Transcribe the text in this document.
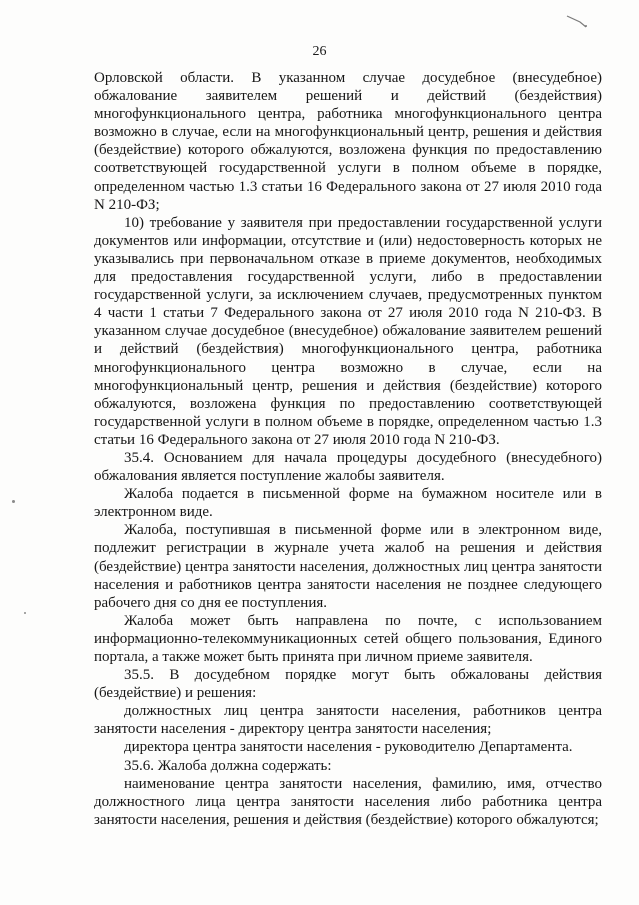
26

Орловской области. В указанном случае досудебное (внесудебное) обжалование заявителем решений и действий (бездействия) многофункционального центра, работника многофункционального центра возможно в случае, если на многофункциональный центр, решения и действия (бездействие) которого обжалуются, возложена функция по предоставлению соответствующей государственной услуги в полном объеме в порядке, определенном частью 1.3 статьи 16 Федерального закона от 27 июля 2010 года N 210-ФЗ;

10) требование у заявителя при предоставлении государственной услуги документов или информации, отсутствие и (или) недостоверность которых не указывались при первоначальном отказе в приеме документов, необходимых для предоставления государственной услуги, либо в предоставлении государственной услуги, за исключением случаев, предусмотренных пунктом 4 части 1 статьи 7 Федерального закона от 27 июля 2010 года N 210-ФЗ. В указанном случае досудебное (внесудебное) обжалование заявителем решений и действий (бездействия) многофункционального центра, работника многофункционального центра возможно в случае, если на многофункциональный центр, решения и действия (бездействие) которого обжалуются, возложена функция по предоставлению соответствующей государственной услуги в полном объеме в порядке, определенном частью 1.3 статьи 16 Федерального закона от 27 июля 2010 года N 210-ФЗ.

35.4. Основанием для начала процедуры досудебного (внесудебного) обжалования является поступление жалобы заявителя.

Жалоба подается в письменной форме на бумажном носителе или в электронном виде.

Жалоба, поступившая в письменной форме или в электронном виде, подлежит регистрации в журнале учета жалоб на решения и действия (бездействие) центра занятости населения, должностных лиц центра занятости населения и работников центра занятости населения не позднее следующего рабочего дня со дня ее поступления.

Жалоба может быть направлена по почте, с использованием информационно-телекоммуникационных сетей общего пользования, Единого портала, а также может быть принята при личном приеме заявителя.

35.5. В досудебном порядке могут быть обжалованы действия (бездействие) и решения:

должностных лиц центра занятости населения, работников центра занятости населения - директору центра занятости населения;

директора центра занятости населения - руководителю Департамента.

35.6. Жалоба должна содержать:

наименование центра занятости населения, фамилию, имя, отчество должностного лица центра занятости населения либо работника центра занятости населения, решения и действия (бездействие) которого обжалуются;
